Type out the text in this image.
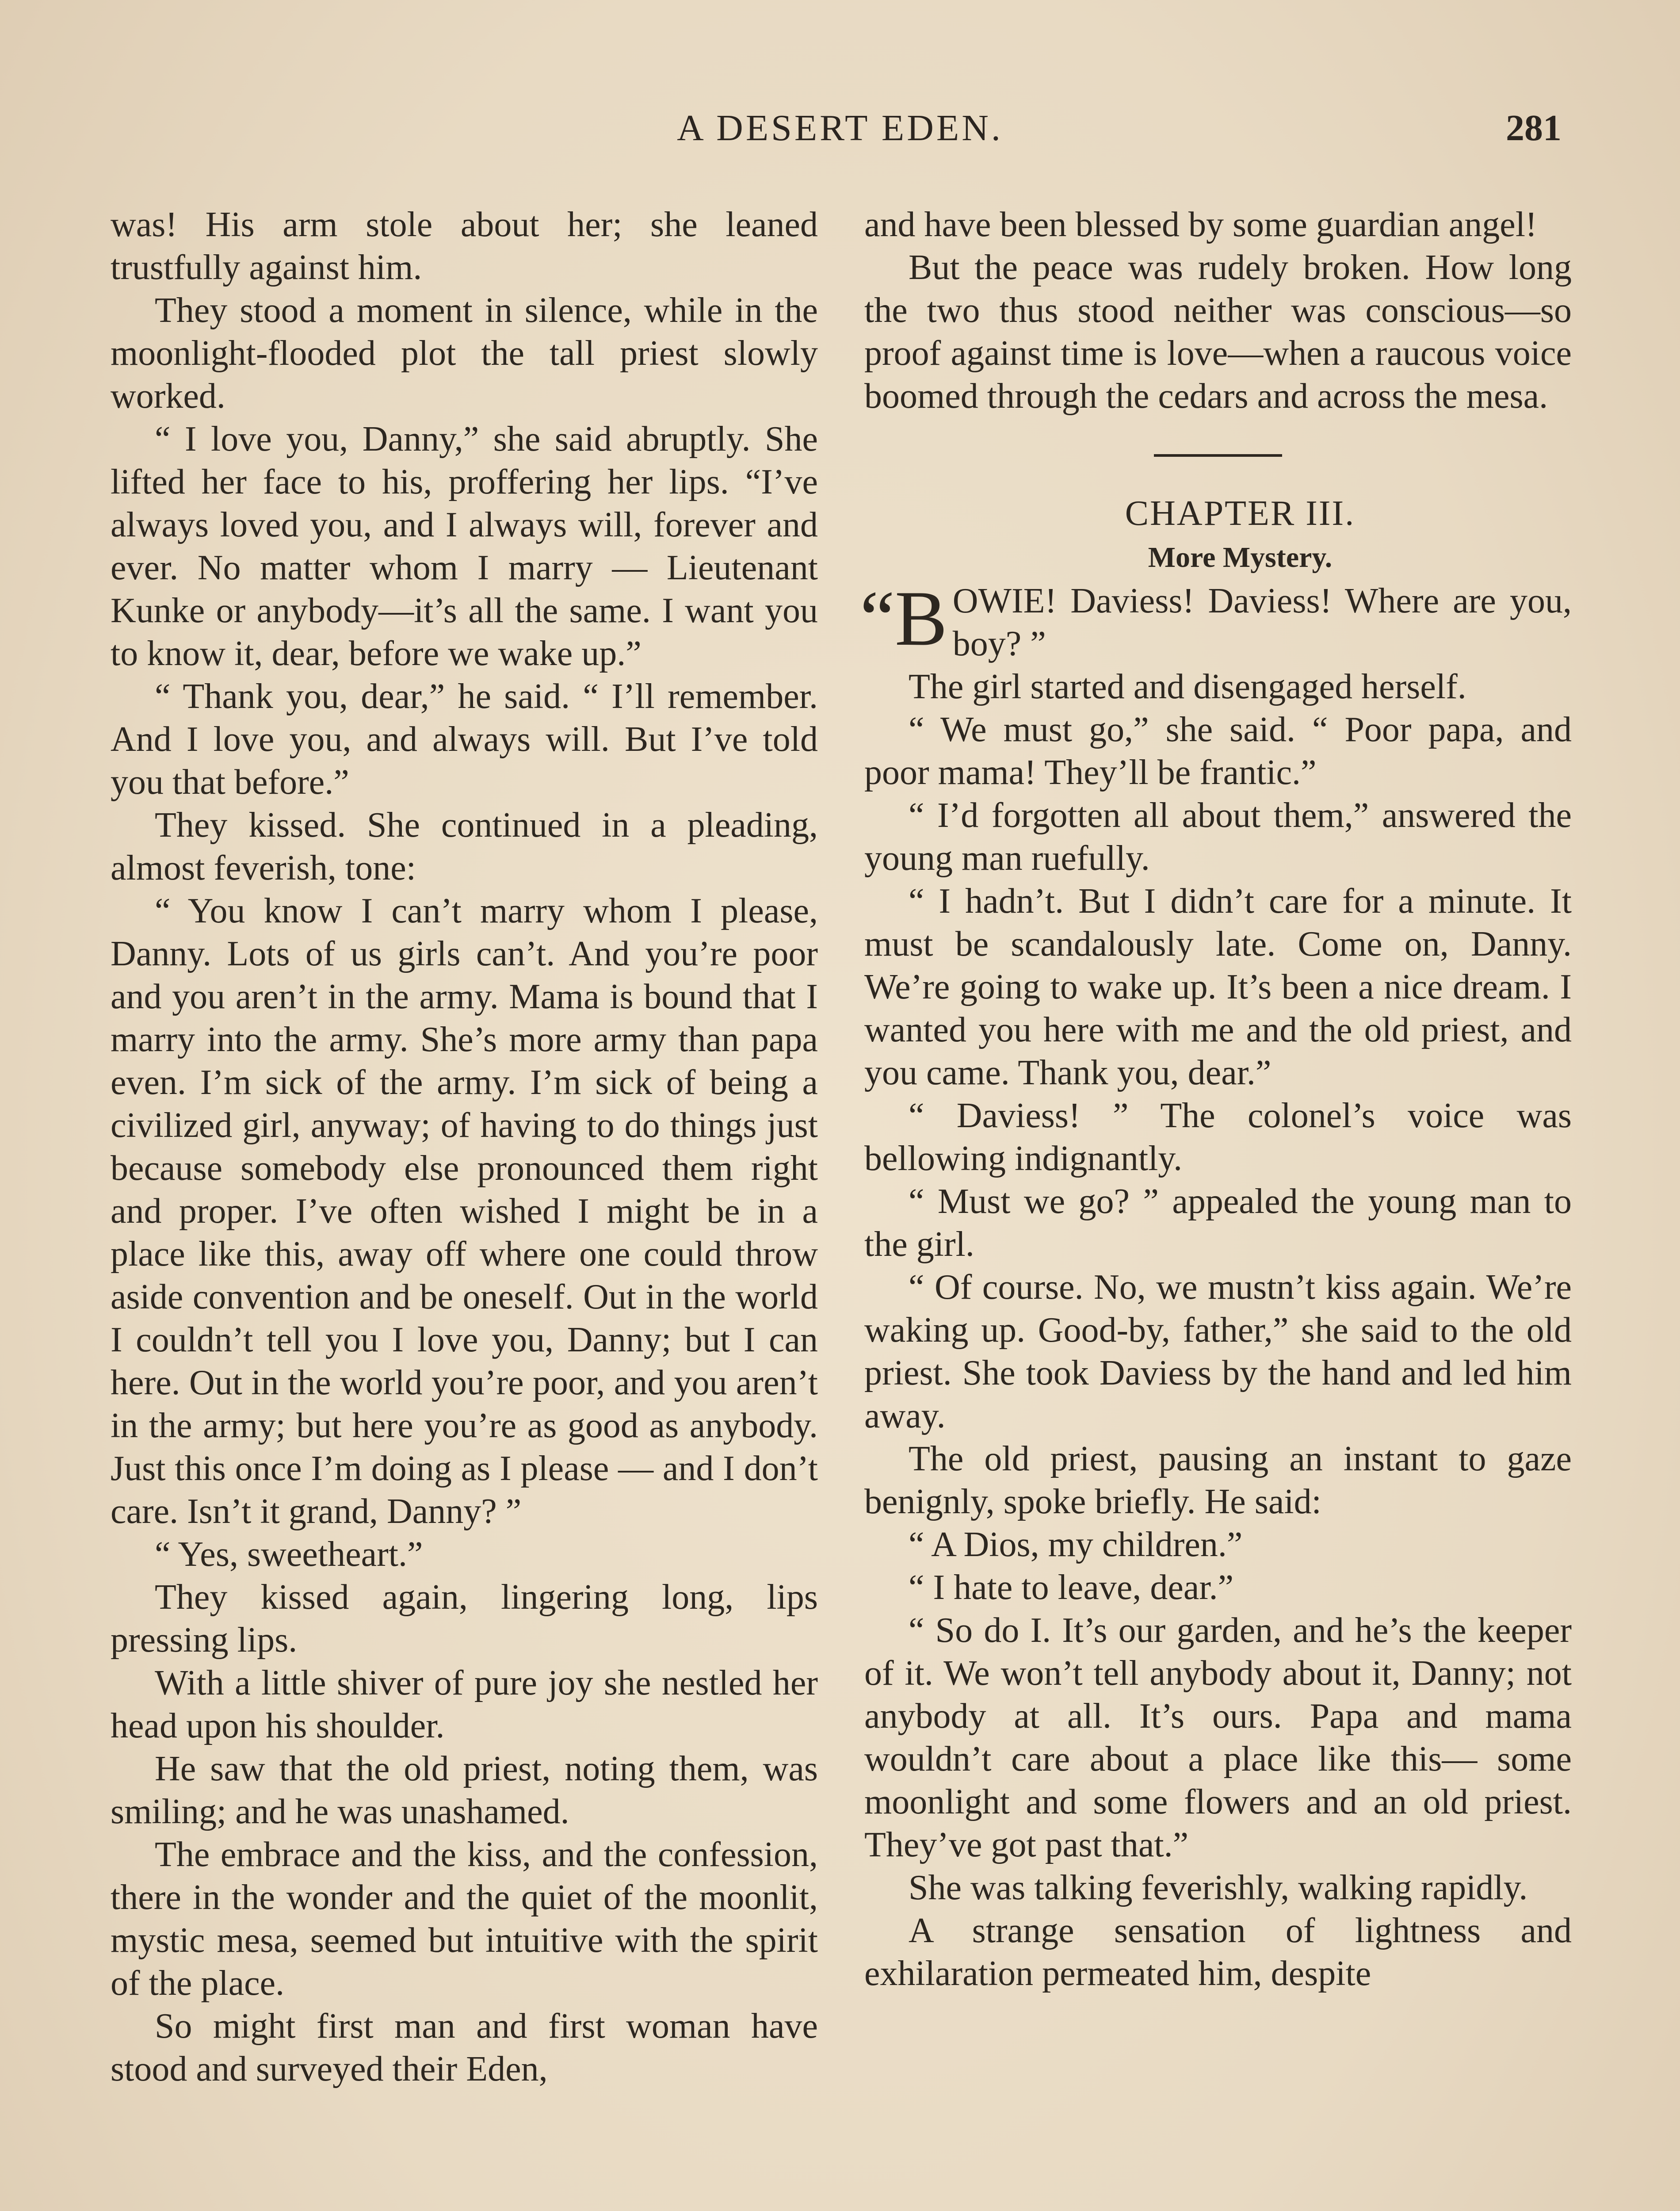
A DESERT EDEN.	281

was! His arm stole about her; she leaned trustfully against him.

They stood a moment in silence, while in the moonlight-flooded plot the tall priest slowly worked.

“ I love you, Danny,” she said abruptly. She lifted her face to his, proffering her lips. “I’ve always loved you, and I always will, forever and ever. No matter whom I marry — Lieutenant Kunke or anybody—it’s all the same. I want you to know it, dear, before we wake up.”

“ Thank you, dear,” he said. “ I’ll remember. And I love you, and always will. But I’ve told you that before.”

They kissed. She continued in a pleading, almost feverish, tone:

“ You know I can’t marry whom I please, Danny. Lots of us girls can’t. And you’re poor and you aren’t in the army. Mama is bound that I marry into the army. She’s more army than papa even. I’m sick of the army. I’m sick of being a civilized girl, anyway; of having to do things just because somebody else pronounced them right and proper. I’ve often wished I might be in a place like this, away off where one could throw aside convention and be oneself. Out in the world I couldn’t tell you I love you, Danny; but I can here. Out in the world you’re poor, and you aren’t in the army; but here you’re as good as anybody. Just this once I’m doing as I please — and I don’t care. Isn’t it grand, Danny? ”

“ Yes, sweetheart.”

They kissed again, lingering long, lips pressing lips.

With a little shiver of pure joy she nestled her head upon his shoulder.

He saw that the old priest, noting them, was smiling; and he was unashamed.

The embrace and the kiss, and the confession, there in the wonder and the quiet of the moonlit, mystic mesa, seemed but intuitive with the spirit of the place.

So might first man and first woman have stood and surveyed their Eden,

and have been blessed by some guardian angel!

But the peace was rudely broken. How long the two thus stood neither was conscious—so proof against time is love—when a raucous voice boomed through the cedars and across the mesa.

CHAPTER III.

More Mystery.

“BOWIE! Daviess! Daviess! Where are you, boy? ”

The girl started and disengaged herself.

“ We must go,” she said. “ Poor papa, and poor mama! They’ll be frantic.”

“ I’d forgotten all about them,” answered the young man ruefully.

“ I hadn’t. But I didn’t care for a minute. It must be scandalously late. Come on, Danny. We’re going to wake up. It’s been a nice dream. I wanted you here with me and the old priest, and you came. Thank you, dear.”

“ Daviess! ” The colonel’s voice was bellowing indignantly.

“ Must we go? ” appealed the young man to the girl.

“ Of course. No, we mustn’t kiss again. We’re waking up. Good-by, father,” she said to the old priest. She took Daviess by the hand and led him away.

The old priest, pausing an instant to gaze benignly, spoke briefly. He said:

“ A Dios, my children.”

“ I hate to leave, dear.”

“ So do I. It’s our garden, and he’s the keeper of it. We won’t tell anybody about it, Danny; not anybody at all. It’s ours. Papa and mama wouldn’t care about a place like this— some moonlight and some flowers and an old priest. They’ve got past that.”

She was talking feverishly, walking rapidly.

A strange sensation of lightness and exhilaration permeated him, despite
